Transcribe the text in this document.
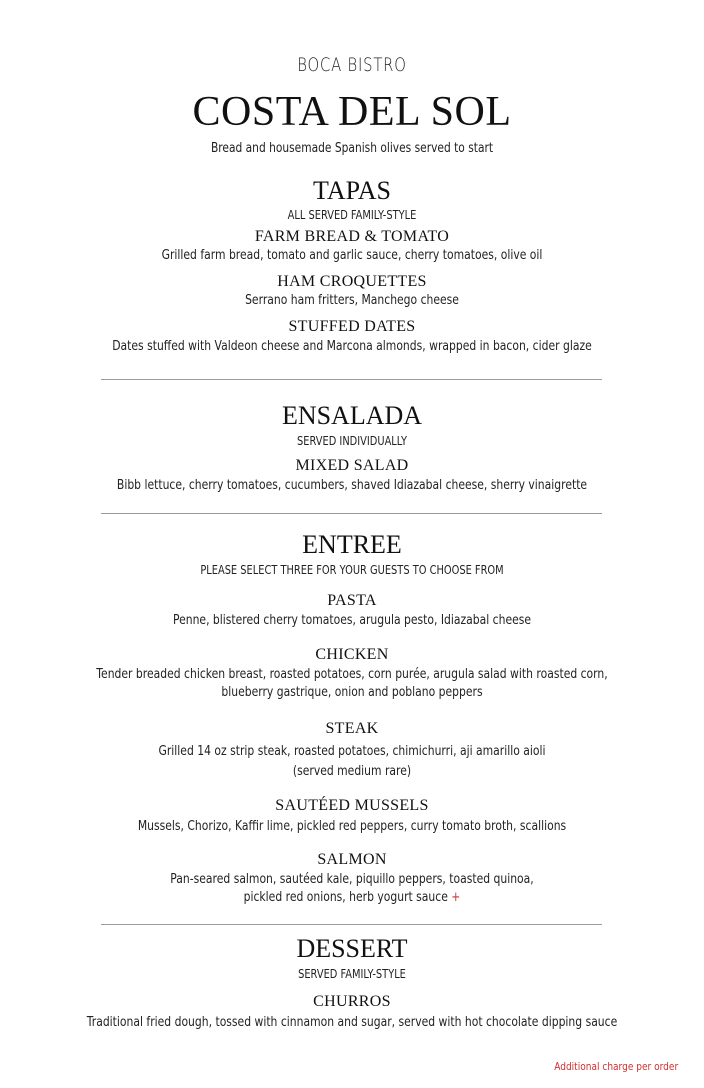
BOCA BISTRO
COSTA DEL SOL
Bread and housemade Spanish olives served to start
TAPAS
ALL SERVED FAMILY-STYLE
FARM BREAD & TOMATO
Grilled farm bread, tomato and garlic sauce, cherry tomatoes, olive oil
HAM CROQUETTES
Serrano ham fritters, Manchego cheese
STUFFED DATES
Dates stuffed with Valdeon cheese and Marcona almonds, wrapped in bacon, cider glaze
ENSALADA
SERVED INDIVIDUALLY
MIXED SALAD
Bibb lettuce, cherry tomatoes, cucumbers, shaved Idiazabal cheese, sherry vinaigrette
ENTREE
PLEASE SELECT THREE FOR YOUR GUESTS TO CHOOSE FROM
PASTA
Penne, blistered cherry tomatoes, arugula pesto, Idiazabal cheese
CHICKEN
Tender breaded chicken breast, roasted potatoes, corn purée, arugula salad with roasted corn,
blueberry gastrique, onion and poblano peppers
STEAK
Grilled 14 oz strip steak, roasted potatoes, chimichurri, aji amarillo aioli
(served medium rare)
SAUTÉED MUSSELS
Mussels, Chorizo, Kaffir lime, pickled red peppers, curry tomato broth, scallions
SALMON
Pan-seared salmon, sautéed kale, piquillo peppers, toasted quinoa,
pickled red onions, herb yogurt sauce +
DESSERT
SERVED FAMILY-STYLE
CHURROS
Traditional fried dough, tossed with cinnamon and sugar, served with hot chocolate dipping sauce
Additional charge per order
